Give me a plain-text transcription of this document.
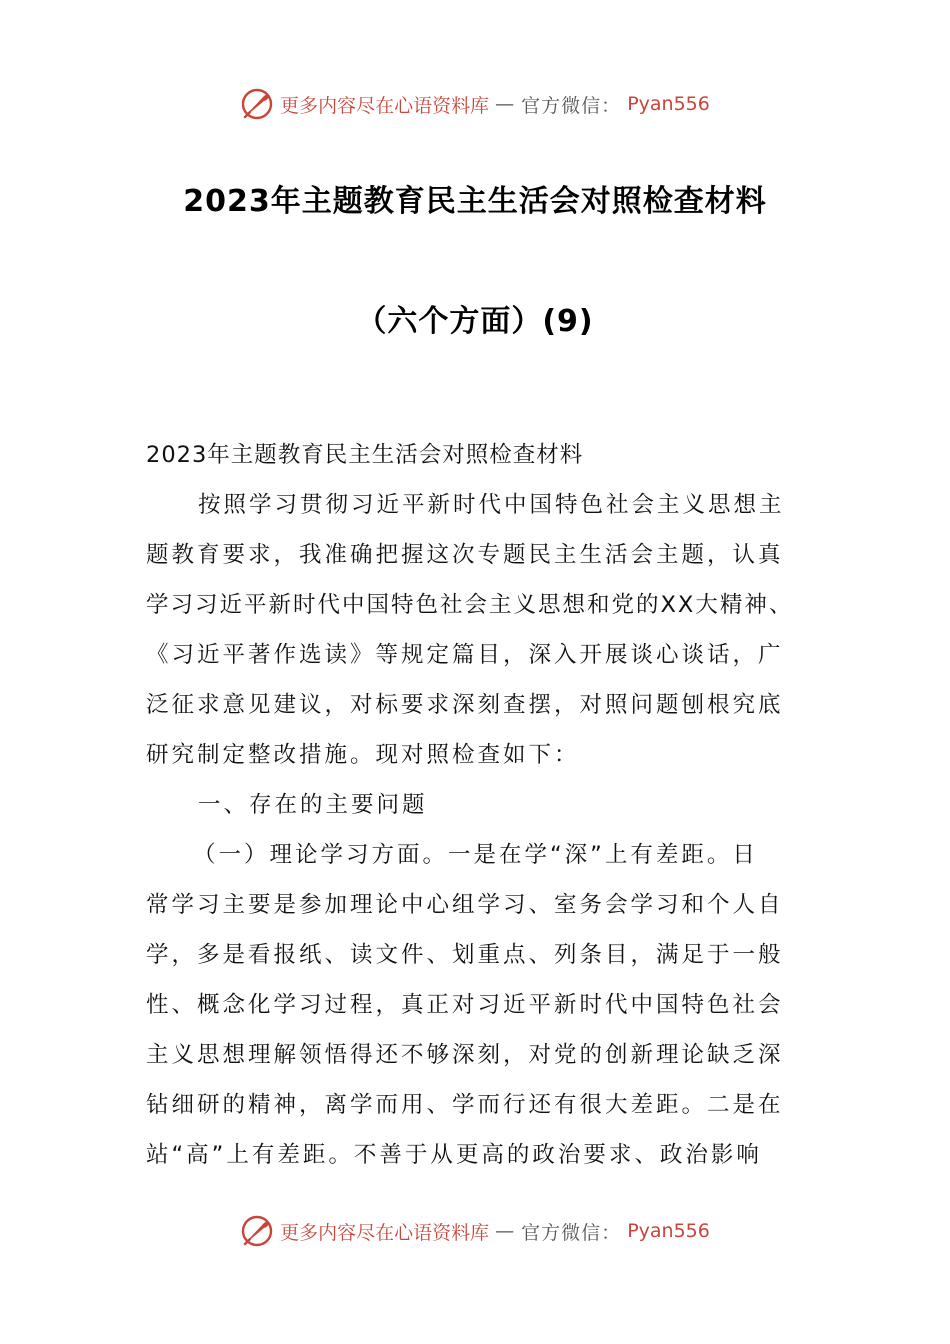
更多内容尽在心语资料库 — 官方微信： Pyan556
2023年主题教育民主生活会对照检查材料
（六个方面）(9)
2023年主题教育民主生活会对照检查材料
按照学习贯彻习近平新时代中国特色社会主义思想主
题教育要求，我准确把握这次专题民主生活会主题，认真
学习习近平新时代中国特色社会主义思想和党的XX大精神、
《习近平著作选读》等规定篇目，深入开展谈心谈话，广
泛征求意见建议，对标要求深刻查摆，对照问题刨根究底
研究制定整改措施。现对照检查如下：
一、存在的主要问题
（一）理论学习方面。一是在学“深”上有差距。日
常学习主要是参加理论中心组学习、室务会学习和个人自
学，多是看报纸、读文件、划重点、列条目，满足于一般
性、概念化学习过程，真正对习近平新时代中国特色社会
主义思想理解领悟得还不够深刻，对党的创新理论缺乏深
钻细研的精神，离学而用、学而行还有很大差距。二是在
站“高”上有差距。不善于从更高的政治要求、政治影响
更多内容尽在心语资料库 — 官方微信： Pyan556
